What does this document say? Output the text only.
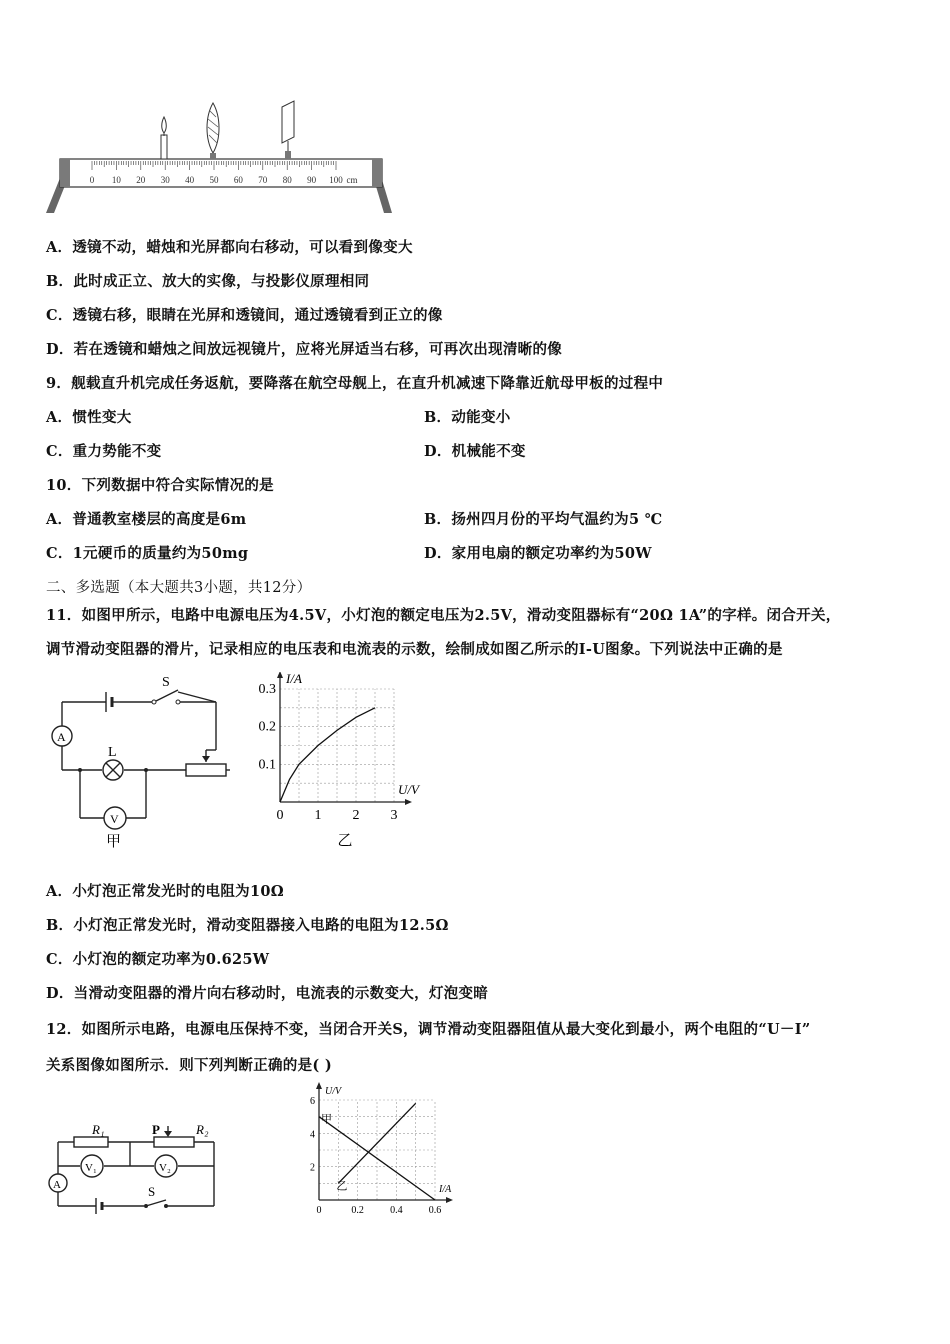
0 10 20 30 40 50 60 70 80 90 100 cm
A．透镜不动，蜡烛和光屏都向右移动，可以看到像变大
B．此时成正立、放大的实像，与投影仪原理相同
C．透镜右移，眼睛在光屏和透镜间，通过透镜看到正立的像
D．若在透镜和蜡烛之间放远视镜片，应将光屏适当右移，可再次出现清晰的像
9．舰载直升机完成任务返航，要降落在航空母舰上，在直升机减速下降靠近航母甲板的过程中
A．惯性变大	B．动能变小
C．重力势能不变	D．机械能不变
10．下列数据中符合实际情况的是
A．普通教室楼层的高度是6m	B．扬州四月份的平均气温约为5 ℃
C．1元硬币的质量约为50mg	D．家用电扇的额定功率约为50W
二、多选题（本大题共3小题，共12分）
11．如图甲所示，电路中电源电压为4.5V，小灯泡的额定电压为2.5V，滑动变阻器标有“20Ω 1A”的字样。闭合开关，
调节滑动变阻器的滑片，记录相应的电压表和电流表的示数，绘制成如图乙所示的I-U图象。下列说法中正确的是
S
A
L
V
甲
0 1 2 3
0.1
0.2
0.3
U/V
I/A
乙
A．小灯泡正常发光时的电阻为10Ω
B．小灯泡正常发光时，滑动变阻器接入电路的电阻为12.5Ω
C．小灯泡的额定功率为0.625W
D．当滑动变阻器的滑片向右移动时，电流表的示数变大，灯泡变暗
12．如图所示电路，电源电压保持不变，当闭合开关S，调节滑动变阻器阻值从最大变化到最小，两个电阻的“U－I”
关系图像如图所示．则下列判断正确的是( )
R₁	P	R₂
V₁	V₂
A	S
0	0.2	0.4	0.6
2
4
6
I/A
U/V
甲
乙
